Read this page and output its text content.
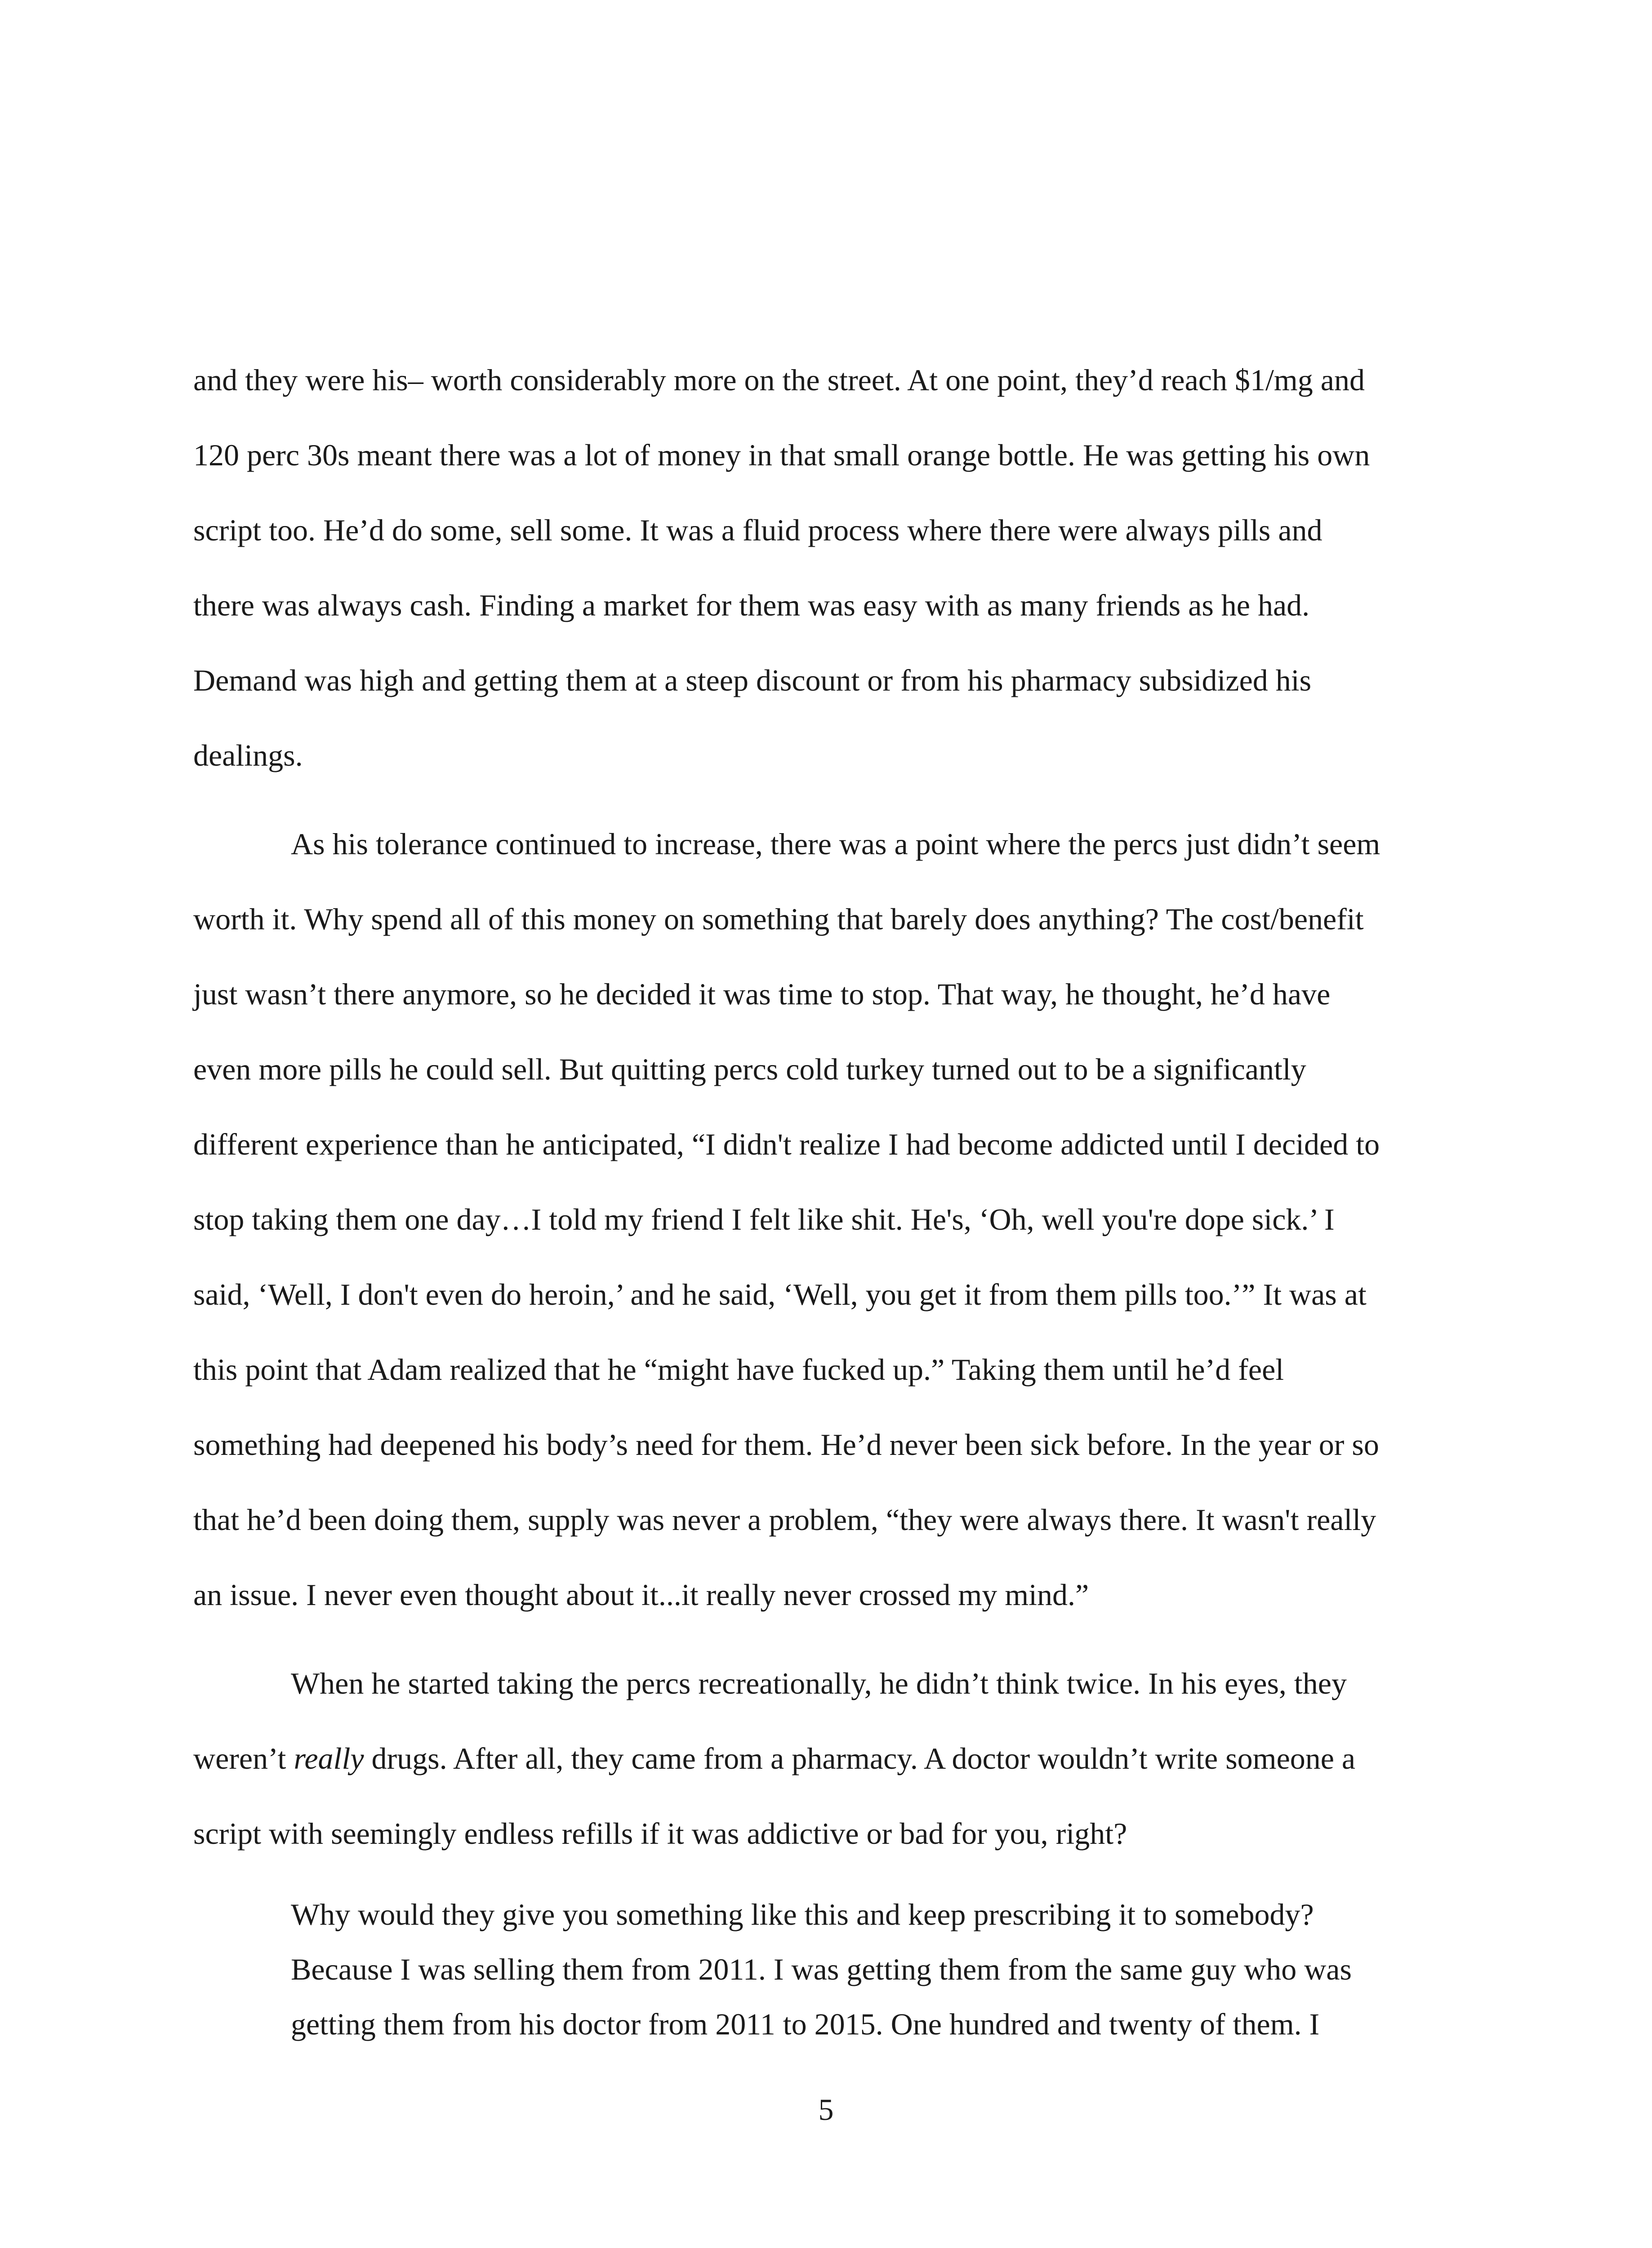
and they were his– worth considerably more on the street. At one point, they’d reach $1/mg and
120 perc 30s meant there was a lot of money in that small orange bottle. He was getting his own
script too. He’d do some, sell some. It was a fluid process where there were always pills and
there was always cash. Finding a market for them was easy with as many friends as he had.
Demand was high and getting them at a steep discount or from his pharmacy subsidized his
dealings.
As his tolerance continued to increase, there was a point where the percs just didn’t seem
worth it. Why spend all of this money on something that barely does anything? The cost/benefit
just wasn’t there anymore, so he decided it was time to stop. That way, he thought, he’d have
even more pills he could sell. But quitting percs cold turkey turned out to be a significantly
different experience than he anticipated, “I didn't realize I had become addicted until I decided to
stop taking them one day…I told my friend I felt like shit. He's, ‘Oh, well you're dope sick.’ I
said, ‘Well, I don't even do heroin,’ and he said, ‘Well, you get it from them pills too.’” It was at
this point that Adam realized that he “might have fucked up.” Taking them until he’d feel
something had deepened his body’s need for them. He’d never been sick before. In the year or so
that he’d been doing them, supply was never a problem, “they were always there. It wasn't really
an issue. I never even thought about it...it really never crossed my mind.”
When he started taking the percs recreationally, he didn’t think twice. In his eyes, they
weren’t really drugs. After all, they came from a pharmacy. A doctor wouldn’t write someone a
script with seemingly endless refills if it was addictive or bad for you, right?
Why would they give you something like this and keep prescribing it to somebody?
Because I was selling them from 2011. I was getting them from the same guy who was
getting them from his doctor from 2011 to 2015. One hundred and twenty of them. I
5
